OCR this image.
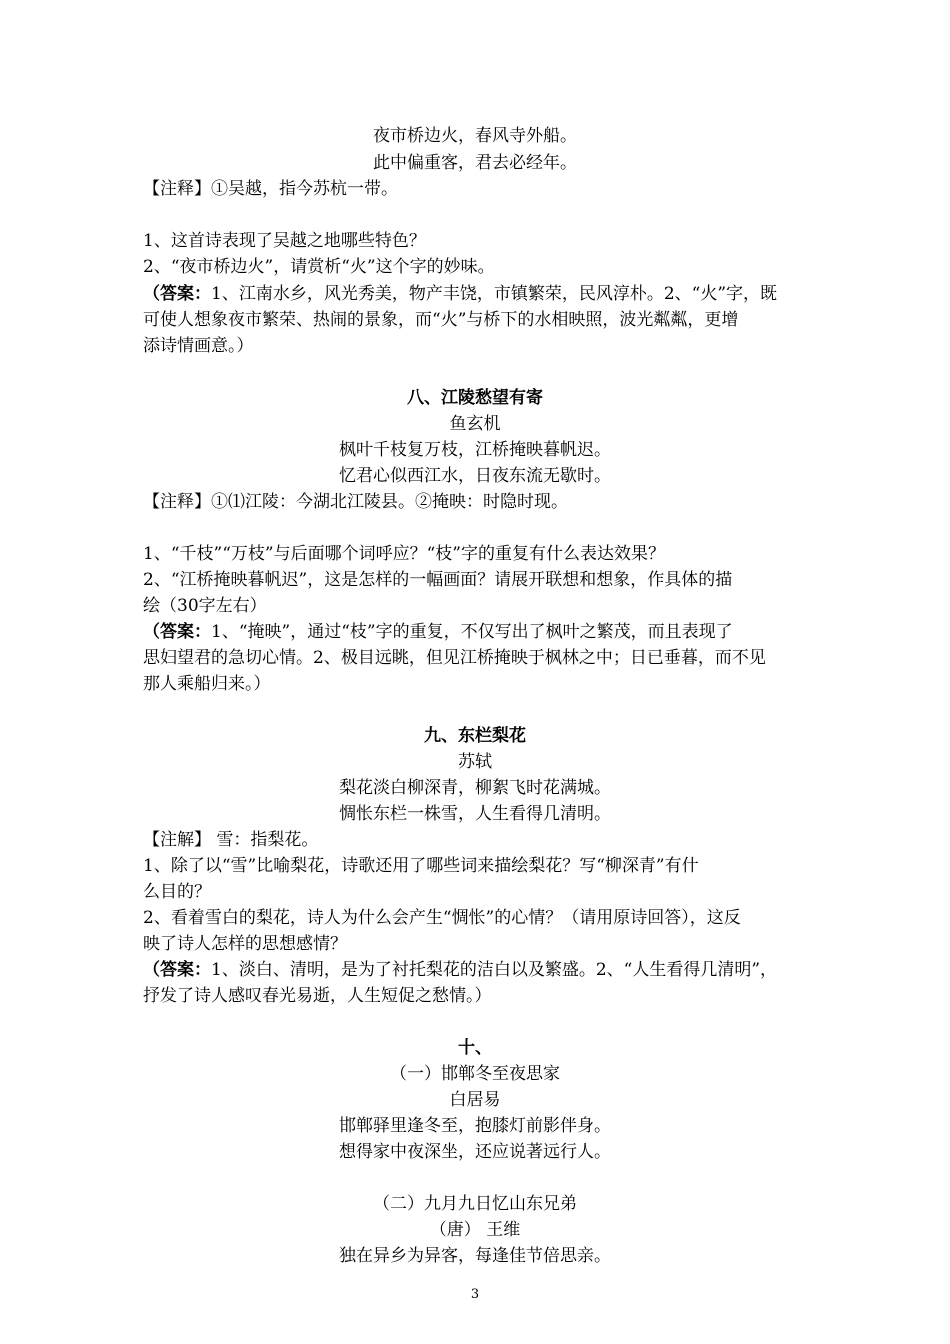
夜市桥边火，春风寺外船。
此中偏重客，君去必经年。
【注释】①吴越，指今苏杭一带。
1、这首诗表现了吴越之地哪些特色？
2、“夜市桥边火”，请赏析“火”这个字的妙味。
（答案：1、江南水乡，风光秀美，物产丰饶，市镇繁荣，民风淳朴。2、“火”字，既
可使人想象夜市繁荣、热闹的景象，而“火”与桥下的水相映照，波光粼粼，更增
添诗情画意。）
八、江陵愁望有寄
鱼玄机
枫叶千枝复万枝，江桥掩映暮帆迟。
忆君心似西江水，日夜东流无歇时。
【注释】①⑴江陵：今湖北江陵县。②掩映：时隐时现。
1、“千枝”“万枝”与后面哪个词呼应？“枝”字的重复有什么表达效果？
2、“江桥掩映暮帆迟”，这是怎样的一幅画面？请展开联想和想象，作具体的描
绘（30字左右）
（答案：1、“掩映”，通过“枝”字的重复，不仅写出了枫叶之繁茂，而且表现了
思妇望君的急切心情。2、极目远眺，但见江桥掩映于枫林之中；日已垂暮，而不见
那人乘船归来。）
九、东栏梨花
苏轼
梨花淡白柳深青，柳絮飞时花满城。
惆怅东栏一株雪，人生看得几清明。
【注解】 雪：指梨花。
1、除了以“雪”比喻梨花，诗歌还用了哪些词来描绘梨花？写“柳深青”有什
么目的？
2、看着雪白的梨花，诗人为什么会产生“惆怅”的心情？（请用原诗回答），这反
映了诗人怎样的思想感情？
（答案：1、淡白、清明，是为了衬托梨花的洁白以及繁盛。2、“人生看得几清明”，
抒发了诗人感叹春光易逝，人生短促之愁情。）
十、
（一）邯郸冬至夜思家
白居易
邯郸驿里逢冬至，抱膝灯前影伴身。
想得家中夜深坐，还应说著远行人。
（二）九月九日忆山东兄弟
（唐） 王维
独在异乡为异客，每逢佳节倍思亲。
3
